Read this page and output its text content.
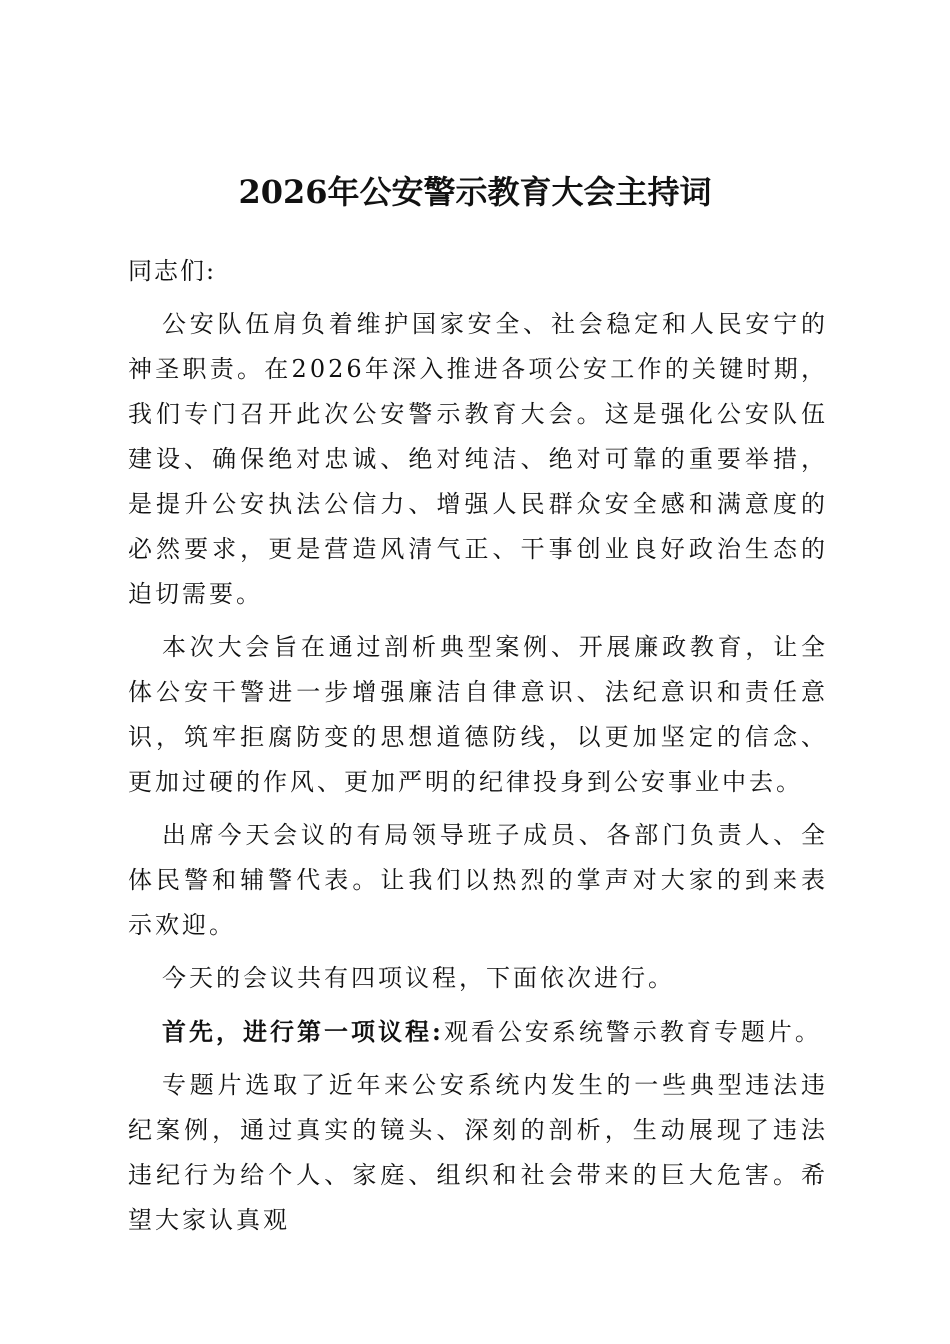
2026年公安警示教育大会主持词

同志们:

公安队伍肩负着维护国家安全、社会稳定和人民安宁的神圣职责。在2026年深入推进各项公安工作的关键时期，我们专门召开此次公安警示教育大会。这是强化公安队伍建设、确保绝对忠诚、绝对纯洁、绝对可靠的重要举措，是提升公安执法公信力、增强人民群众安全感和满意度的必然要求，更是营造风清气正、干事创业良好政治生态的迫切需要。

本次大会旨在通过剖析典型案例、开展廉政教育，让全体公安干警进一步增强廉洁自律意识、法纪意识和责任意识，筑牢拒腐防变的思想道德防线，以更加坚定的信念、更加过硬的作风、更加严明的纪律投身到公安事业中去。

出席今天会议的有局领导班子成员、各部门负责人、全体民警和辅警代表。让我们以热烈的掌声对大家的到来表示欢迎。

今天的会议共有四项议程，下面依次进行。

首先，进行第一项议程:观看公安系统警示教育专题片。

专题片选取了近年来公安系统内发生的一些典型违法违纪案例，通过真实的镜头、深刻的剖析，生动展现了违法违纪行为给个人、家庭、组织和社会带来的巨大危害。希望大家认真观
